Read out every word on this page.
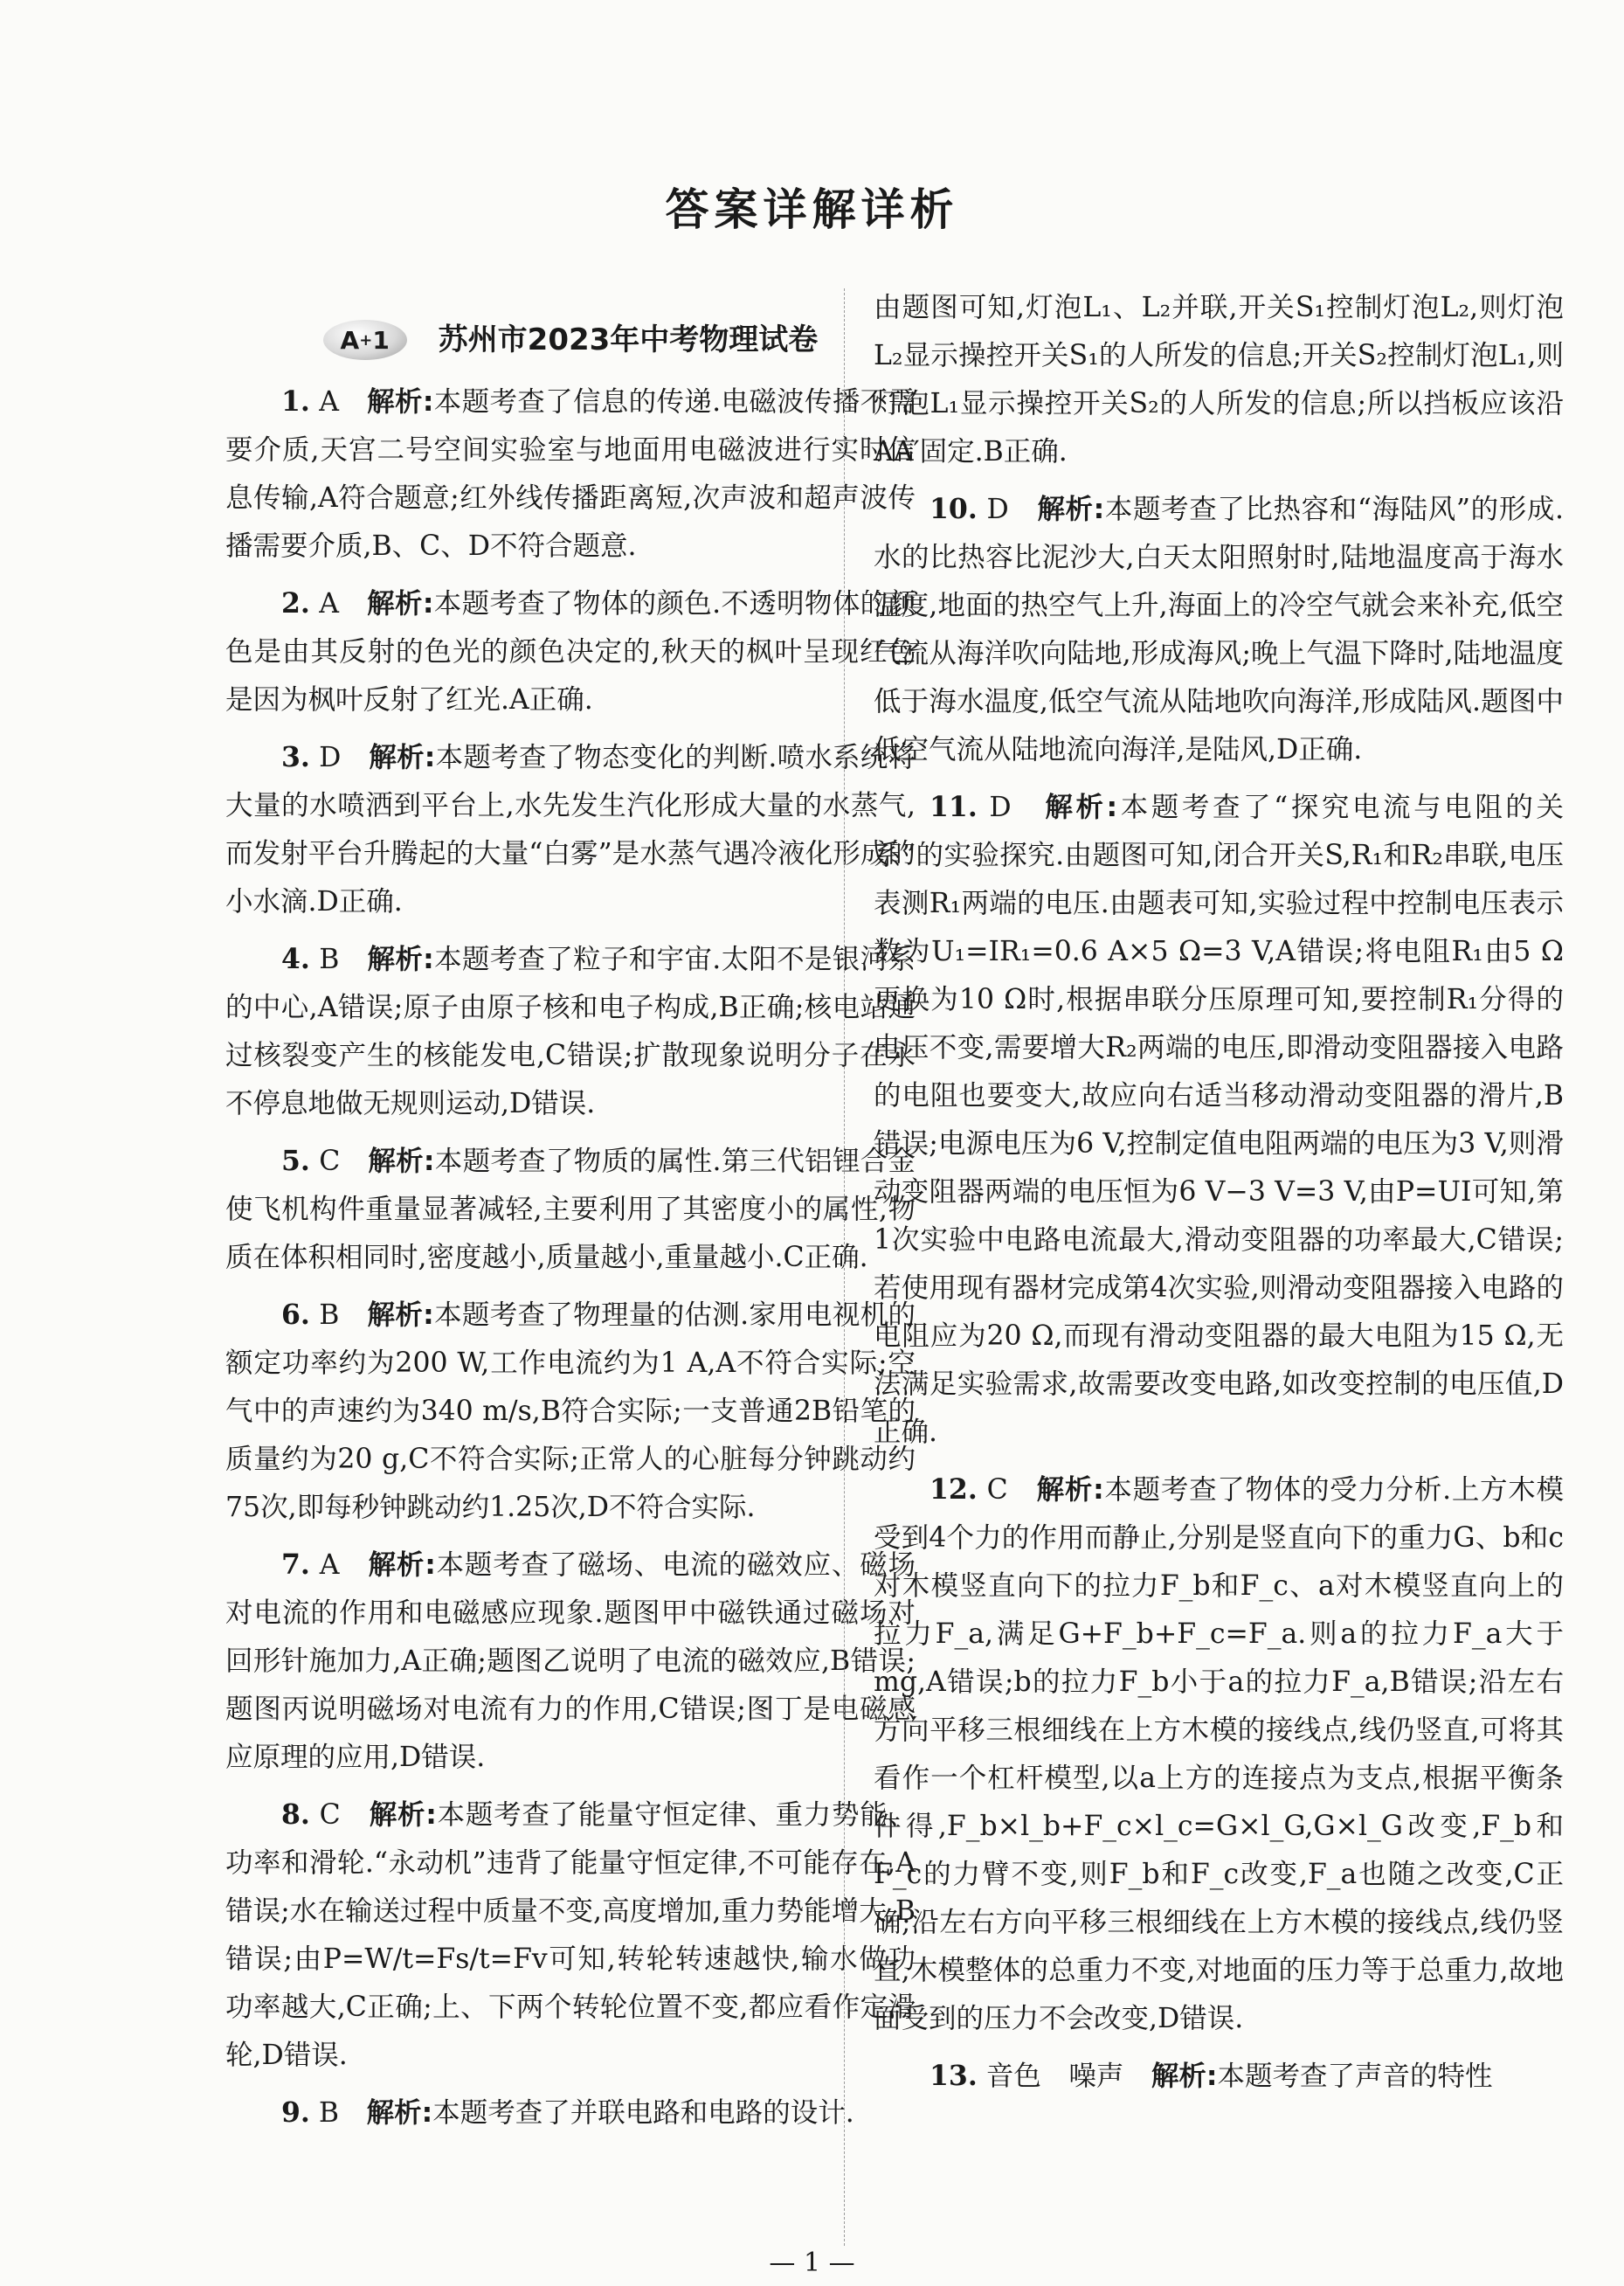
答案详解详析
A + 1 苏州市2023年中考物理试卷

1. A　 解析:本题考查了信息的传递.电磁波传播不需要介质,天宫二号空间实验室与地面用电磁波进行实时信息传输,A符合题意;红外线传播距离短,次声波和超声波传播需要介质,B、C、D不符合题意.

2. A　 解析:本题考查了物体的颜色.不透明物体的颜色是由其反射的色光的颜色决定的,秋天的枫叶呈现红色是因为枫叶反射了红光.A正确.

3. D　 解析:本题考查了物态变化的判断.喷水系统将大量的水喷洒到平台上,水先发生汽化形成大量的水蒸气,而发射平台升腾起的大量“白雾”是水蒸气遇冷液化形成的小水滴.D正确.

4. B　 解析:本题考查了粒子和宇宙.太阳不是银河系的中心,A错误;原子由原子核和电子构成,B正确;核电站通过核裂变产生的核能发电,C错误;扩散现象说明分子在永不停息地做无规则运动,D错误.

5. C　 解析:本题考查了物质的属性.第三代铝锂合金使飞机构件重量显著减轻,主要利用了其密度小的属性,物质在体积相同时,密度越小,质量越小,重量越小.C正确.

6. B　 解析:本题考查了物理量的估测.家用电视机的额定功率约为200 W,工作电流约为1 A,A不符合实际;空气中的声速约为340 m/s,B符合实际;一支普通2B铅笔的质量约为20 g,C不符合实际;正常人的心脏每分钟跳动约75次,即每秒钟跳动约1.25次,D不符合实际.

7. A　 解析:本题考查了磁场、电流的磁效应、磁场对电流的作用和电磁感应现象.题图甲中磁铁通过磁场对回形针施加力,A正确;题图乙说明了电流的磁效应,B错误;题图丙说明磁场对电流有力的作用,C错误;图丁是电磁感应原理的应用,D错误.

8. C　 解析:本题考查了能量守恒定律、重力势能、功率和滑轮.“永动机”违背了能量守恒定律,不可能存在,A错误;水在输送过程中质量不变,高度增加,重力势能增大,B错误;由P=W/t=Fs/t=Fv可知,转轮转速越快,输水做功功率越大,C正确;上、下两个转轮位置不变,都应看作定滑轮,D错误.

9. B　 解析:本题考查了并联电路和电路的设计.

由题图可知,灯泡L₁、L₂并联,开关S₁控制灯泡L₂,则灯泡L₂显示操控开关S₁的人所发的信息;开关S₂控制灯泡L₁,则灯泡L₁显示操控开关S₂的人所发的信息;所以挡板应该沿AA′固定.B正确.

10. D　 解析:本题考查了比热容和“海陆风”的形成.水的比热容比泥沙大,白天太阳照射时,陆地温度高于海水温度,地面的热空气上升,海面上的冷空气就会来补充,低空气流从海洋吹向陆地,形成海风;晚上气温下降时,陆地温度低于海水温度,低空气流从陆地吹向海洋,形成陆风.题图中低空气流从陆地流向海洋,是陆风,D正确.

11. D　 解析:本题考查了“探究电流与电阻的关系”的实验探究.由题图可知,闭合开关S,R₁和R₂串联,电压表测R₁两端的电压.由题表可知,实验过程中控制电压表示数为U₁=IR₁=0.6 A×5 Ω=3 V,A错误;将电阻R₁由5 Ω更换为10 Ω时,根据串联分压原理可知,要控制R₁分得的电压不变,需要增大R₂两端的电压,即滑动变阻器接入电路的电阻也要变大,故应向右适当移动滑动变阻器的滑片,B错误;电源电压为6 V,控制定值电阻两端的电压为3 V,则滑动变阻器两端的电压恒为6 V−3 V=3 V,由P=UI可知,第1次实验中电路电流最大,滑动变阻器的功率最大,C错误;若使用现有器材完成第4次实验,则滑动变阻器接入电路的电阻应为20 Ω,而现有滑动变阻器的最大电阻为15 Ω,无法满足实验需求,故需要改变电路,如改变控制的电压值,D正确.

12. C　 解析:本题考查了物体的受力分析.上方木模受到4个力的作用而静止,分别是竖直向下的重力G、b和c对木模竖直向下的拉力F_b和F_c、a对木模竖直向上的拉力F_a,满足G+F_b+F_c=F_a.则a的拉力F_a大于mg,A错误;b的拉力F_b小于a的拉力F_a,B错误;沿左右方向平移三根细线在上方木模的接线点,线仍竖直,可将其看作一个杠杆模型,以a上方的连接点为支点,根据平衡条件得,F_b×l_b+F_c×l_c=G×l_G,G×l_G改变,F_b和F_c的力臂不变,则F_b和F_c改变,F_a也随之改变,C正确;沿左右方向平移三根细线在上方木模的接线点,线仍竖直,木模整体的总重力不变,对地面的压力等于总重力,故地面受到的压力不会改变,D错误.

13. 音色　噪声　 解析:本题考查了声音的特性

— 1 —
